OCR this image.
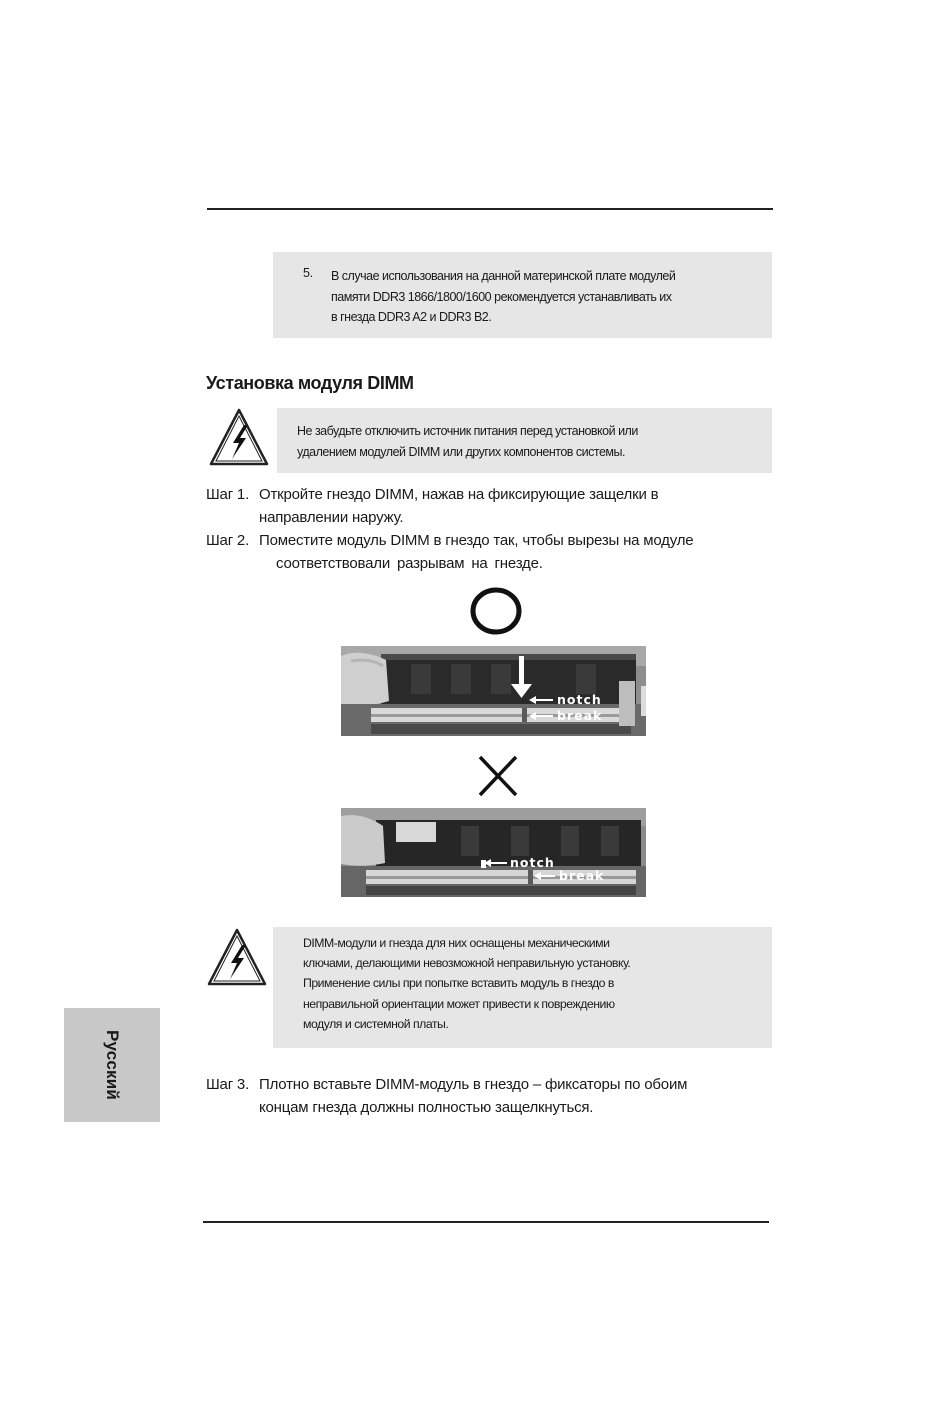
5. В случае использования на данной материнской плате модулей
памяти DDR3 1866/1800/1600 рекомендуется устанавливать их
в гнезда DDR3 A2 и DDR3 B2.
Установка модуля DIMM
Не забудьте отключить источник питания перед установкой или
удалением модулей DIMM или других компонентов системы.
Шаг 1. Откройте гнездо DIMM, нажав на фиксирующие защелки в
направлении наружу.
Шаг 2. Поместите модуль DIMM в гнездо так, чтобы вырезы на модуле
соответствовали разрывам на гнезде.
notch
break
notch
break
DIMM-модули и гнезда для них оснащены механическими
ключами, делающими невозможной неправильную установку.
Применение силы при попытке вставить модуль в гнездо в
неправильной ориентации может привести к повреждению
модуля и системной платы.
Шаг 3. Плотно вставьте DIMM-модуль в гнездо – фиксаторы по обоим
концам гнезда должны полностью защелкнуться.
Русский
